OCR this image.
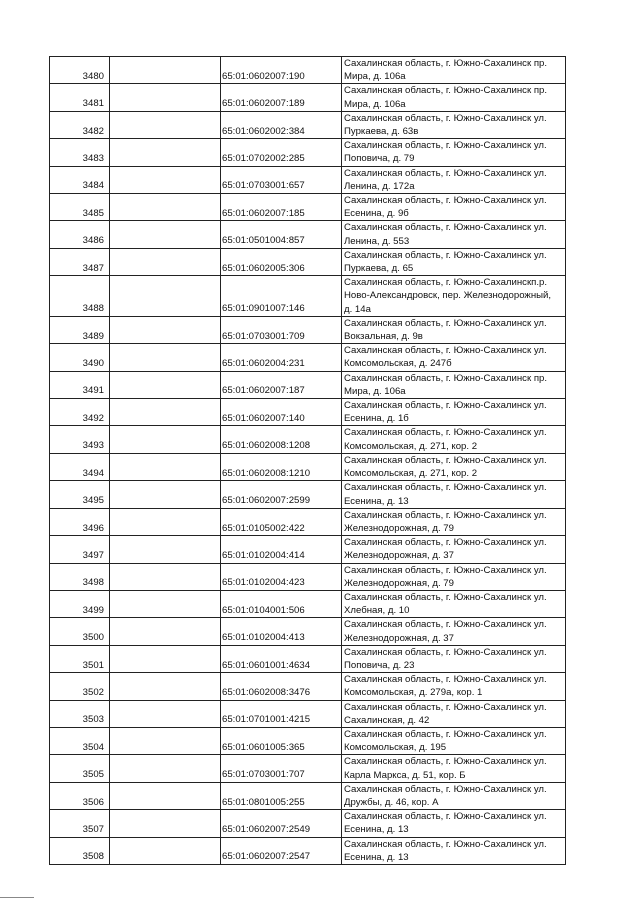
3480		65:01:0602007:190	Сахалинская область, г. Южно-Сахалинск пр.
Мира, д. 106а

3481		65:01:0602007:189	Сахалинская область, г. Южно-Сахалинск пр.
Мира, д. 106а

3482		65:01:0602002:384	Сахалинская область, г. Южно-Сахалинск ул.
Пуркаева, д. 63в

3483		65:01:0702002:285	Сахалинская область, г. Южно-Сахалинск ул.
Поповича, д. 79

3484		65:01:0703001:657	Сахалинская область, г. Южно-Сахалинск ул.
Ленина, д. 172а

3485		65:01:0602007:185	Сахалинская область, г. Южно-Сахалинск ул.
Есенина, д. 9б

3486		65:01:0501004:857	Сахалинская область, г. Южно-Сахалинск ул.
Ленина, д. 553

3487		65:01:0602005:306	Сахалинская область, г. Южно-Сахалинск ул.
Пуркаева, д. 65

3488		65:01:0901007:146	Сахалинская область, г. Южно-Сахалинскп.р.
Ново-Александровск, пер. Железнодорожный,
д. 14а

3489		65:01:0703001:709	Сахалинская область, г. Южно-Сахалинск ул.
Вокзальная, д. 9в

3490		65:01:0602004:231	Сахалинская область, г. Южно-Сахалинск ул.
Комсомольская, д. 247б

3491		65:01:0602007:187	Сахалинская область, г. Южно-Сахалинск пр.
Мира, д. 106а

3492		65:01:0602007:140	Сахалинская область, г. Южно-Сахалинск ул.
Есенина, д. 1б

3493		65:01:0602008:1208	Сахалинская область, г. Южно-Сахалинск ул.
Комсомольская, д. 271, кор. 2

3494		65:01:0602008:1210	Сахалинская область, г. Южно-Сахалинск ул.
Комсомольская, д. 271, кор. 2

3495		65:01:0602007:2599	Сахалинская область, г. Южно-Сахалинск ул.
Есенина, д. 13

3496		65:01:0105002:422	Сахалинская область, г. Южно-Сахалинск ул.
Железнодорожная, д. 79

3497		65:01:0102004:414	Сахалинская область, г. Южно-Сахалинск ул.
Железнодорожная, д. 37

3498		65:01:0102004:423	Сахалинская область, г. Южно-Сахалинск ул.
Железнодорожная, д. 79

3499		65:01:0104001:506	Сахалинская область, г. Южно-Сахалинск ул.
Хлебная, д. 10

3500		65:01:0102004:413	Сахалинская область, г. Южно-Сахалинск ул.
Железнодорожная, д. 37

3501		65:01:0601001:4634	Сахалинская область, г. Южно-Сахалинск ул.
Поповича, д. 23

3502		65:01:0602008:3476	Сахалинская область, г. Южно-Сахалинск ул.
Комсомольская, д. 279а, кор. 1

3503		65:01:0701001:4215	Сахалинская область, г. Южно-Сахалинск ул.
Сахалинская, д. 42

3504		65:01:0601005:365	Сахалинская область, г. Южно-Сахалинск ул.
Комсомольская, д. 195

3505		65:01:0703001:707	Сахалинская область, г. Южно-Сахалинск ул.
Карла Маркса, д. 51, кор. Б

3506		65:01:0801005:255	Сахалинская область, г. Южно-Сахалинск ул.
Дружбы, д. 46, кор. А

3507		65:01:0602007:2549	Сахалинская область, г. Южно-Сахалинск ул.
Есенина, д. 13

3508		65:01:0602007:2547	Сахалинская область, г. Южно-Сахалинск ул.
Есенина, д. 13
